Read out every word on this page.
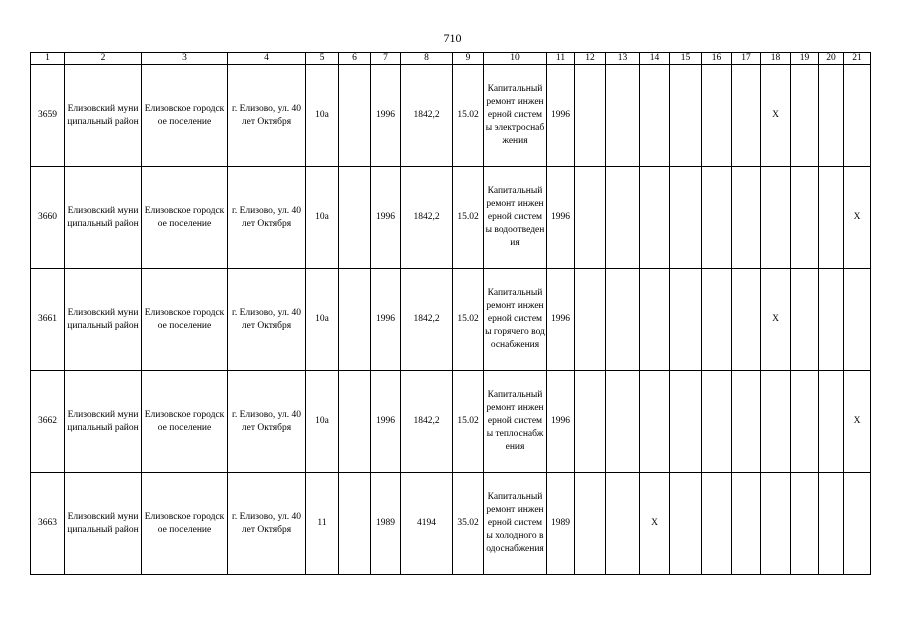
710
1	2	3	4	5	6	7	8	9	10	11	12	13	14	15	16	17	18	19	20	21
3659	Елизовский муниципальный район	Елизовское городское поселение	г. Елизово, ул. 40 лет Октября	10а		1996	1842,2	15.02	Капитальный ремонт инженерной системы электроснабжения	1996							Х			
3660	Елизовский муниципальный район	Елизовское городское поселение	г. Елизово, ул. 40 лет Октября	10а		1996	1842,2	15.02	Капитальный ремонт инженерной системы водоотведения	1996										Х
3661	Елизовский муниципальный район	Елизовское городское поселение	г. Елизово, ул. 40 лет Октября	10а		1996	1842,2	15.02	Капитальный ремонт инженерной системы горячего водоснабжения	1996							Х			
3662	Елизовский муниципальный район	Елизовское городское поселение	г. Елизово, ул. 40 лет Октября	10а		1996	1842,2	15.02	Капитальный ремонт инженерной системы теплоснабжения	1996										Х
3663	Елизовский муниципальный район	Елизовское городское поселение	г. Елизово, ул. 40 лет Октября	11		1989	4194	35.02	Капитальный ремонт инженерной системы холодного водоснабжения	1989			Х							
